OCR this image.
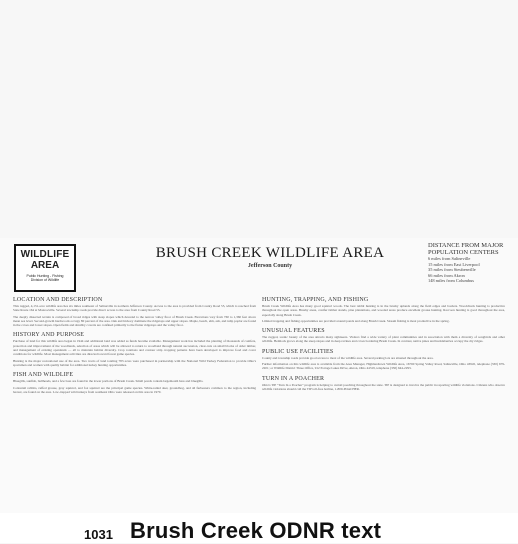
WILDLIFE
AREA
Public Hunting - Fishing
Division of Wildlife
BRUSH CREEK WILDLIFE AREA
Jefferson County
DISTANCE FROM MAJOR POPULATION CENTERS
6 miles from Salineville
15 miles from East Liverpool
35 miles from Steubenville
66 miles from Akron
148 miles from Columbus
LOCATION AND DESCRIPTION

This rugged, 4,131-acre wildlife area lies six miles southeast of Salineville in northern Jefferson County. Access to the area is provided from County Road 55, which is reached from State Route 164 at Monroeville. Several township roads provide direct access to the area from County Road 55.

The deeply dissected terrain is composed of broad ridges with steep slopes which descend to the narrow valley floor of Brush Creek. Elevations vary from 760 to 1,360 feet above mean sea level. Second-growth hardwoods occupy 80 percent of the area. Oak and hickory dominate the ridgetops and upper slopes. Maple, beech, elm, ash, and tulip poplar are found in the coves and lower slopes. Open fields and shrubby coverts are confined primarily to the flatter ridgetops and the valley floor.

HISTORY AND PURPOSE

Purchase of land for this wildlife area began in 1944 and additional land was added as funds became available. Management work has included the planting of thousands of conifers, protection and improvement of the woodlands, selection of areas which will be allowed to return to woodland through natural succession, clear-cuts on small blocks of older timber, and management of existing openlands — all to maintain habitat diversity. Crop rotations and contour strip cropping patterns have been developed to improve food and cover conditions for wildlife. Most management activities are directed toward forest game species.

Hunting is the major recreational use of the area. Two tracts of land totaling 783 acres were purchased in partnership with the National Wild Turkey Federation to provide Ohio's sportsmen and women with quality habitat for additional turkey hunting opportunities.

FISH AND WILDLIFE

Bluegills, sunfish, bullheads, and a few bass are found in the lower portions of Brush Creek. Small ponds contain largemouth bass and bluegills.

Cottontail rabbits, ruffed grouse, gray squirrel, and fox squirrel are the principal game species. White-tailed deer, groundhog, and all furbearers common to the region, including beaver, are found on the area. Low-trapped wild turkeys from southeast Ohio were released on this area in 1970.

HUNTING, TRAPPING, AND FISHING

Brush Creek Wildlife Area has many good squirrel woods. The best rabbit hunting is in the brushy uplands along the field edges and borders. Woodchuck hunting is productive throughout the open areas. Brushy areas, conifer timber stands, pine plantations, and wooded areas produce excellent grouse hunting. Raccoon hunting is good throughout the area, especially along Brush Creek.

Limited trapping and fishing opportunities are provided around ponds and along Brush Creek. Stream fishing is most productive in the spring.

UNUSUAL FEATURES

The rugged, scenic beauty of the area attracts many sightseers. Visitors find a wide variety of plant communities and in association with them a diversity of songbirds and other wildlife. Hemlock grows along the steep slopes and in deep ravines and coves bordering Brush Creek. In contrast, native pines and huckleberries occupy the dry ridges.

PUBLIC USE FACILITIES

County and township roads provide good access to most of the wildlife area. Several parking lots are situated throughout the area.

Further information on this wildlife area is available from the Area Manager, Highlandtown Wildlife Area, 16760 Spring Valley Road, Salineville, Ohio 43945, telephone (330) 679-2201; or Wildlife District Three Office, 912 Portage Lakes Drive, Akron, Ohio 44319, telephone (330) 644-2293.

TURN IN A POACHER

Ohio's TIP "Turn In a Poacher" program is helping to curtail poaching throughout the state. TIP is designed to involve the public in reporting wildlife violations. Citizens who observe wildlife violations should call the TIP toll-free hotline, 1-800-POACHER.

1031 Brush Creek ODNR text
